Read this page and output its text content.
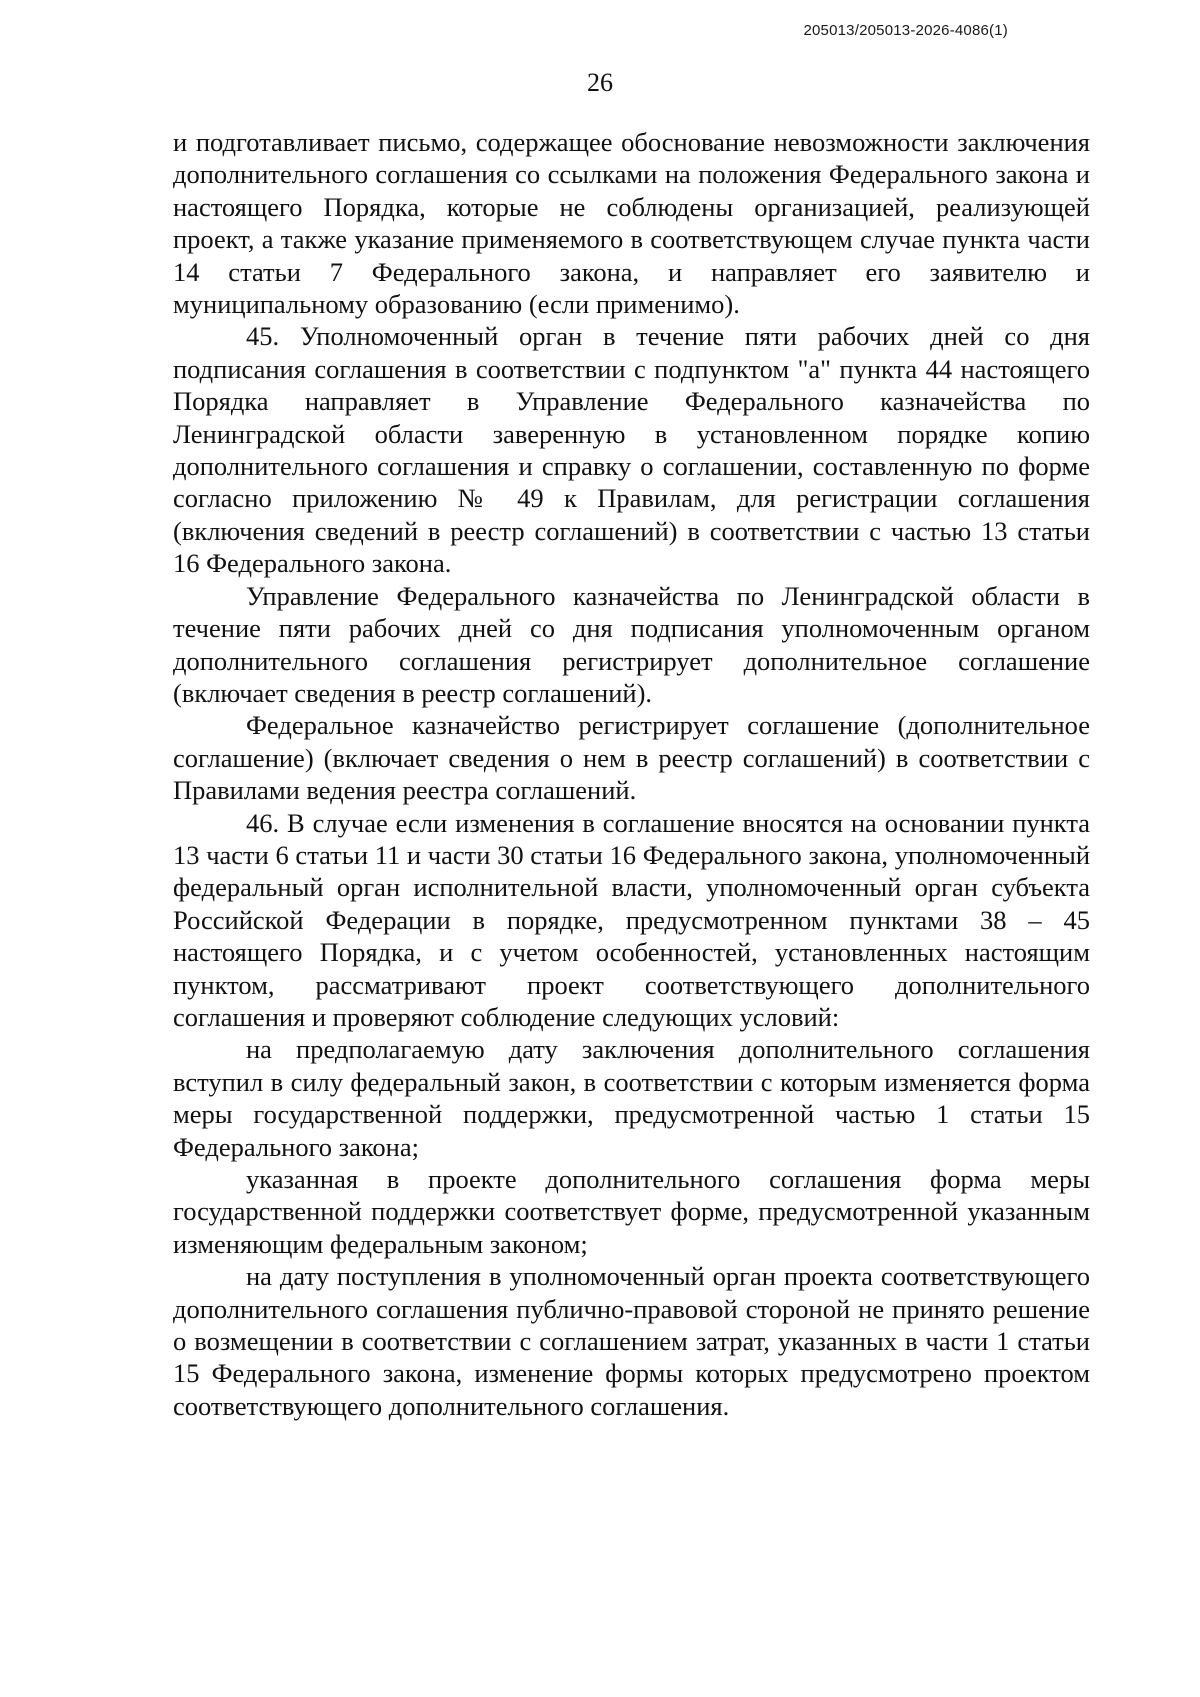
205013/205013-2026-4086(1)
26

и подготавливает письмо, содержащее обоснование невозможности заключения дополнительного соглашения со ссылками на положения Федерального закона и настоящего Порядка, которые не соблюдены организацией, реализующей проект, а также указание применяемого в соответствующем случае пункта части 14 статьи 7 Федерального закона, и направляет его заявителю и муниципальному образованию (если применимо).

45. Уполномоченный орган в течение пяти рабочих дней со дня подписания соглашения в соответствии с подпунктом "а" пункта 44 настоящего Порядка направляет в Управление Федерального казначейства по Ленинградской области заверенную в установленном порядке копию дополнительного соглашения и справку о соглашении, составленную по форме согласно приложению № 49 к Правилам, для регистрации соглашения (включения сведений в реестр соглашений) в соответствии с частью 13 статьи 16 Федерального закона.

Управление Федерального казначейства по Ленинградской области в течение пяти рабочих дней со дня подписания уполномоченным органом дополнительного соглашения регистрирует дополнительное соглашение (включает сведения в реестр соглашений).

Федеральное казначейство регистрирует соглашение (дополнительное соглашение) (включает сведения о нем в реестр соглашений) в соответствии с Правилами ведения реестра соглашений.

46. В случае если изменения в соглашение вносятся на основании пункта 13 части 6 статьи 11 и части 30 статьи 16 Федерального закона, уполномоченный федеральный орган исполнительной власти, уполномоченный орган субъекта Российской Федерации в порядке, предусмотренном пунктами 38 – 45 настоящего Порядка, и с учетом особенностей, установленных настоящим пунктом, рассматривают проект соответствующего дополнительного соглашения и проверяют соблюдение следующих условий:

на предполагаемую дату заключения дополнительного соглашения вступил в силу федеральный закон, в соответствии с которым изменяется форма меры государственной поддержки, предусмотренной частью 1 статьи 15 Федерального закона;

указанная в проекте дополнительного соглашения форма меры государственной поддержки соответствует форме, предусмотренной указанным изменяющим федеральным законом;

на дату поступления в уполномоченный орган проекта соответствующего дополнительного соглашения публично-правовой стороной не принято решение о возмещении в соответствии с соглашением затрат, указанных в части 1 статьи 15 Федерального закона, изменение формы которых предусмотрено проектом соответствующего дополнительного соглашения.
